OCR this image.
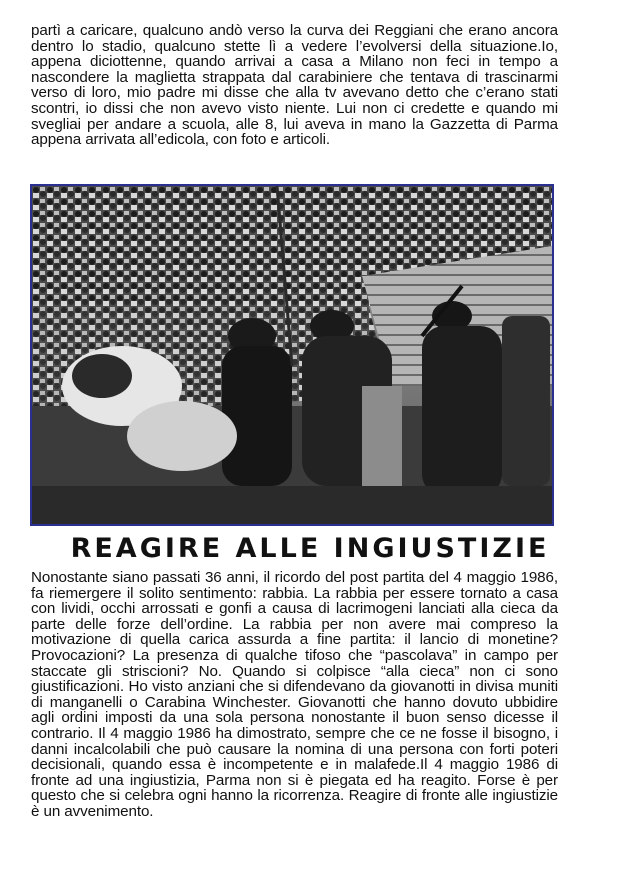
partì a caricare, qualcuno andò verso la curva dei Reggiani che erano ancora dentro lo stadio, qualcuno stette lì a vedere l’evolversi della situazione.Io, appena diciottenne, quando arrivai a casa a Milano non feci in tempo a nascondere la maglietta strappata dal carabiniere che tentava di trascinarmi verso di loro, mio padre mi disse che alla tv avevano detto che c’erano stati scontri, io dissi che non avevo visto niente. Lui non ci credette e quando mi svegliai per andare a scuola, alle 8, lui aveva in mano la Gazzetta di Parma appena arrivata all’edicola, con foto e articoli.

REAGIRE ALLE INGIUSTIZIE

Nonostante siano passati 36 anni, il ricordo del post partita del 4 maggio 1986, fa riemergere il solito sentimento: rabbia. La rabbia per essere tornato a casa con lividi, occhi arrossati e gonfi a causa di lacrimogeni lanciati alla cieca da parte delle forze dell’ordine. La rabbia per non avere mai compreso la motivazione di quella carica assurda a fine partita: il lancio di monetine? Provocazioni? La presenza di qualche tifoso che “pascolava” in campo per staccate gli striscioni? No. Quando si colpisce “alla cieca” non ci sono giustificazioni. Ho visto anziani che si difendevano da giovanotti in divisa muniti di manganelli o Carabina Winchester. Giovanotti che hanno dovuto ubbidire agli ordini imposti da una sola persona nonostante il buon senso dicesse il contrario. Il 4 maggio 1986 ha dimostrato, sempre che ce ne fosse il bisogno, i danni incalcolabili che può causare la nomina di una persona con forti poteri decisionali, quando essa è incompetente e in malafede.Il 4 maggio 1986 di fronte ad una ingiustizia, Parma non si è piegata ed ha reagito. Forse è per questo che si celebra ogni hanno la ricorrenza. Reagire di fronte alle ingiustizie è un avvenimento.
